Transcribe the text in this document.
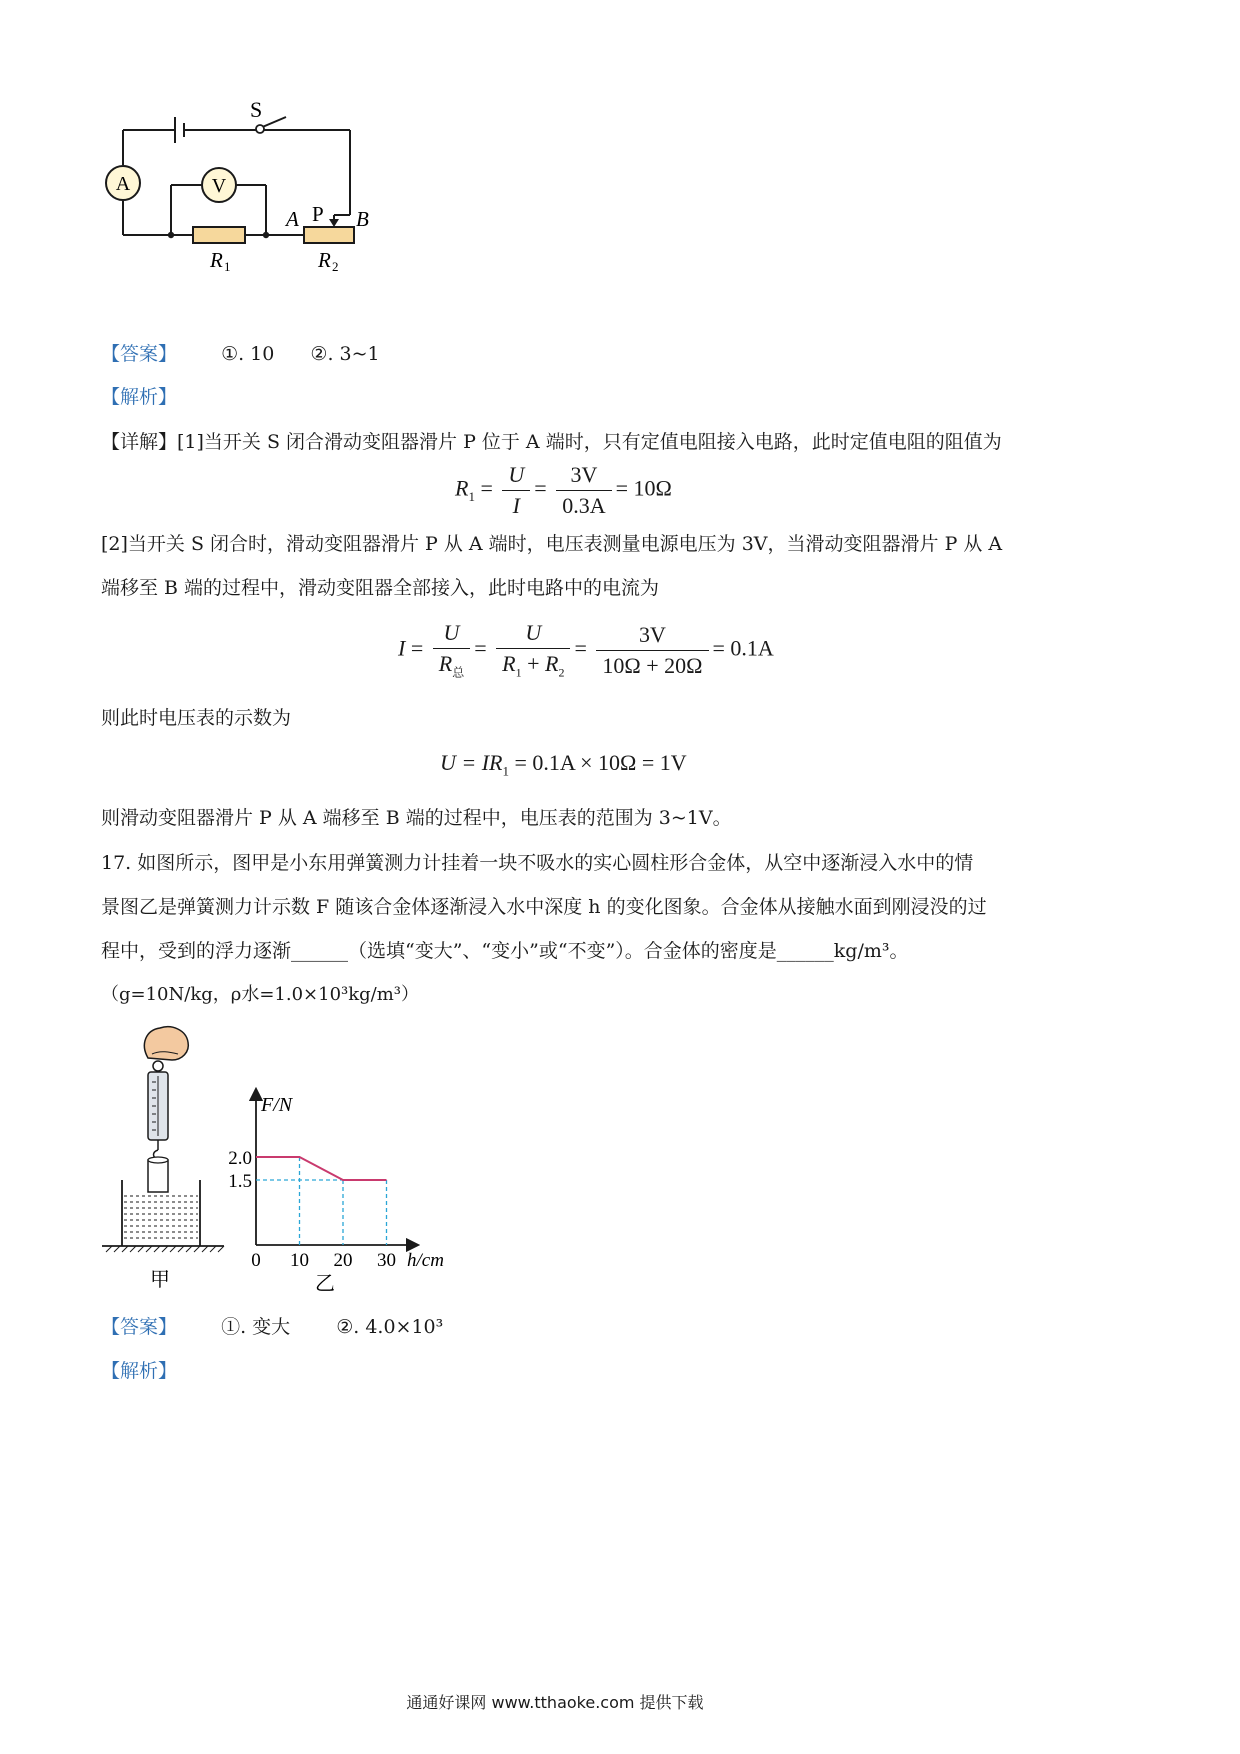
S
A	V
A	B
P
R 1	R 2
【答案】 ①. 10 ②. 3~1
【解析】
【详解】[1]当开关 S 闭合滑动变阻器滑片 P 位于 A 端时，只有定值电阻接入电路，此时定值电阻的阻值为
$R_1 = \frac{U}{I} = \frac{3V}{0.3A} = 10\Omega$
[2]当开关 S 闭合时，滑动变阻器滑片 P 从 A 端时，电压表测量电源电压为 3V，当滑动变阻器滑片 P 从 A
端移至 B 端的过程中，滑动变阻器全部接入，此时电路中的电流为
$I = \frac{U}{R_总} = \frac{U}{R_1 + R_2} = \frac{3V}{10\Omega + 20\Omega} = 0.1A$
则此时电压表的示数为
$U = IR_1 = 0.1A \times 10\Omega = 1V$
则滑动变阻器滑片 P 从 A 端移至 B 端的过程中，电压表的范围为 3~1V。
17. 如图所示，图甲是小东用弹簧测力计挂着一块不吸水的实心圆柱形合金体，从空中逐渐浸入水中的情
景图乙是弹簧测力计示数 F 随该合金体逐渐浸入水中深度 h 的变化图象。合金体从接触水面到刚浸没的过
程中，受到的浮力逐渐______（选填“变大”、“变小”或“不变”）。合金体的密度是______kg/m³。
（g=10N/kg，ρ水=1.0×10³kg/m³）
甲
0 10 20 30
2.0
1.5
F/N
h/cm
乙
【答案】 ①. 变大 ②. 4.0×10³
【解析】
通通好课网 www.tthaoke.com 提供下载
